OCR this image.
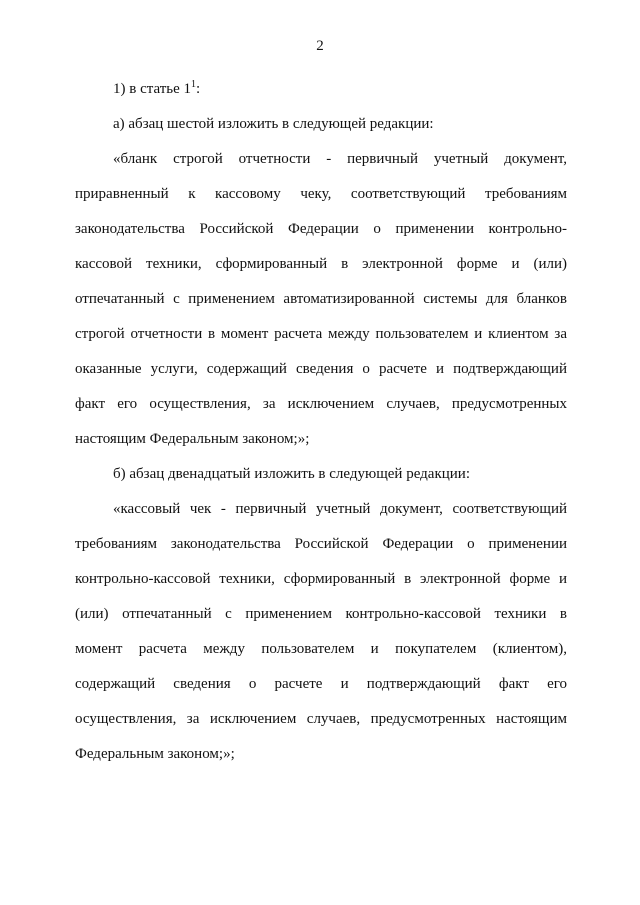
2
1) в статье $1^1$:
а) абзац шестой изложить в следующей редакции:
«бланк строгой отчетности - первичный учетный документ,
приравненный к кассовому чеку, соответствующий требованиям
законодательства Российской Федерации о применении контрольно-
кассовой техники, сформированный в электронной форме и (или)
отпечатанный с применением автоматизированной системы для бланков
строгой отчетности в момент расчета между пользователем и клиентом за
оказанные услуги, содержащий сведения о расчете и подтверждающий
факт его осуществления, за исключением случаев, предусмотренных
настоящим Федеральным законом;»;
б) абзац двенадцатый изложить в следующей редакции:
«кассовый чек - первичный учетный документ, соответствующий
требованиям законодательства Российской Федерации о применении
контрольно-кассовой техники, сформированный в электронной форме и
(или) отпечатанный с применением контрольно-кассовой техники в
момент расчета между пользователем и покупателем (клиентом),
содержащий сведения о расчете и подтверждающий факт его
осуществления, за исключением случаев, предусмотренных настоящим
Федеральным законом;»;
